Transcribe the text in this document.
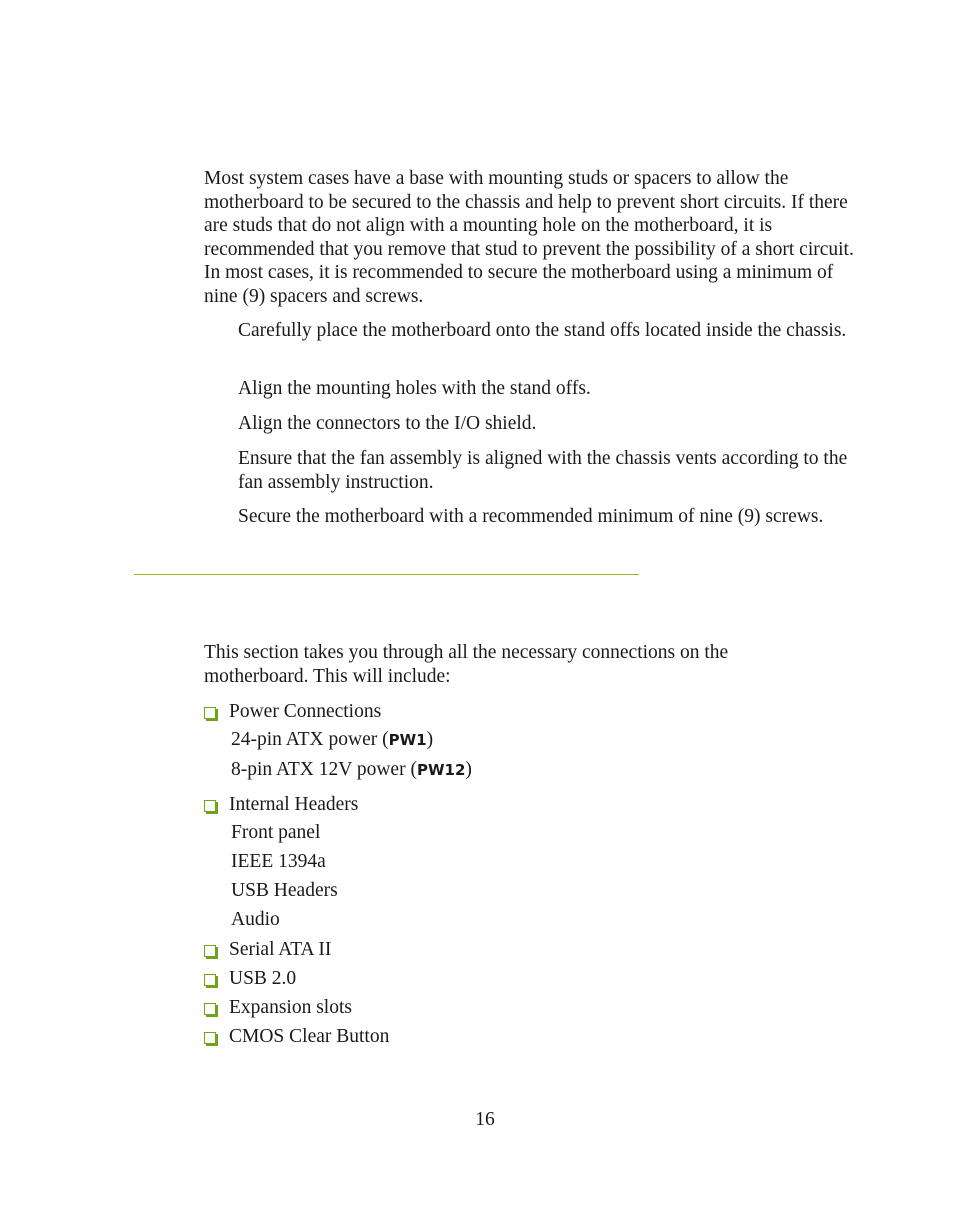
Most system cases have a base with mounting studs or spacers to allow the motherboard to be secured to the chassis and help to prevent short circuits. If there are studs that do not align with a mounting hole on the motherboard, it is recommended that you remove that stud to prevent the possibility of a short circuit. In most cases, it is recommended to secure the motherboard using a minimum of nine (9) spacers and screws.

Carefully place the motherboard onto the stand offs located inside the chassis.

Align the mounting holes with the stand offs.

Align the connectors to the I/O shield.

Ensure that the fan assembly is aligned with the chassis vents according to the fan assembly instruction.

Secure the motherboard with a recommended minimum of nine (9) screws.

This section takes you through all the necessary connections on the motherboard. This will include:

Power Connections
24-pin ATX power (PW1)
8-pin ATX 12V power (PW12)
Internal Headers
Front panel
IEEE 1394a
USB Headers
Audio
Serial ATA II
USB 2.0
Expansion slots
CMOS Clear Button
16
